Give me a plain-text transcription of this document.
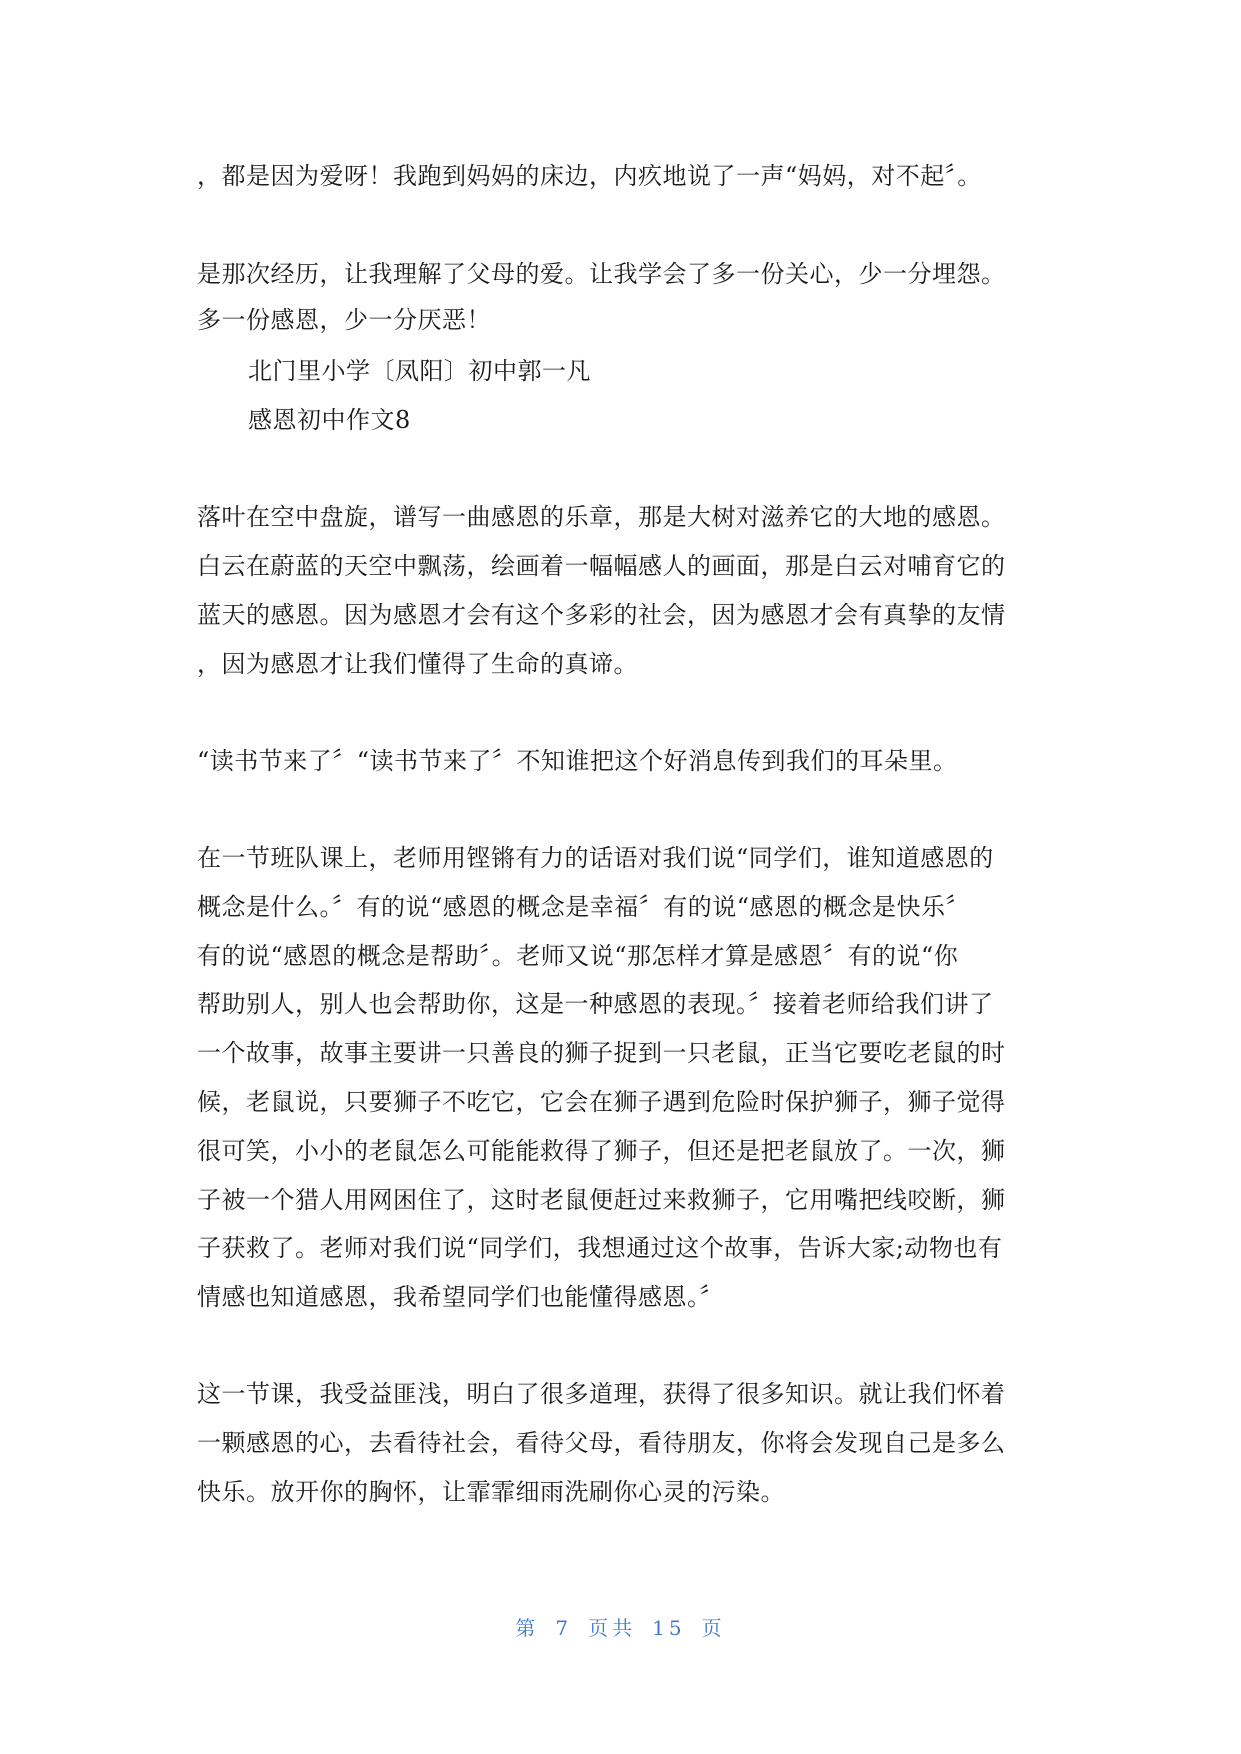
，都是因为爱呀！我跑到妈妈的床边，内疚地说了一声“妈妈，对不起〞。
是那次经历，让我理解了父母的爱。让我学会了多一份关心，少一分埋怨。
多一份感恩，少一分厌恶！
北门里小学〔凤阳〕初中郭一凡
感恩初中作文8
落叶在空中盘旋，谱写一曲感恩的乐章，那是大树对滋养它的大地的感恩。
白云在蔚蓝的天空中飘荡，绘画着一幅幅感人的画面，那是白云对哺育它的
蓝天的感恩。因为感恩才会有这个多彩的社会，因为感恩才会有真挚的友情
，因为感恩才让我们懂得了生命的真谛。
“读书节来了〞“读书节来了〞不知谁把这个好消息传到我们的耳朵里。
在一节班队课上，老师用铿锵有力的话语对我们说“同学们，谁知道感恩的
概念是什么。〞有的说“感恩的概念是幸福〞有的说“感恩的概念是快乐〞
有的说“感恩的概念是帮助〞。老师又说“那怎样才算是感恩〞有的说“你
帮助别人，别人也会帮助你，这是一种感恩的表现。〞接着老师给我们讲了
一个故事，故事主要讲一只善良的狮子捉到一只老鼠，正当它要吃老鼠的时
候，老鼠说，只要狮子不吃它，它会在狮子遇到危险时保护狮子，狮子觉得
很可笑，小小的老鼠怎么可能能救得了狮子，但还是把老鼠放了。一次，狮
子被一个猎人用网困住了，这时老鼠便赶过来救狮子，它用嘴把线咬断，狮
子获救了。老师对我们说“同学们，我想通过这个故事，告诉大家;动物也有
情感也知道感恩，我希望同学们也能懂得感恩。〞
这一节课，我受益匪浅，明白了很多道理，获得了很多知识。就让我们怀着
一颗感恩的心，去看待社会，看待父母，看待朋友，你将会发现自己是多么
快乐。放开你的胸怀，让霏霏细雨洗刷你心灵的污染。
第 7 页共 15 页
